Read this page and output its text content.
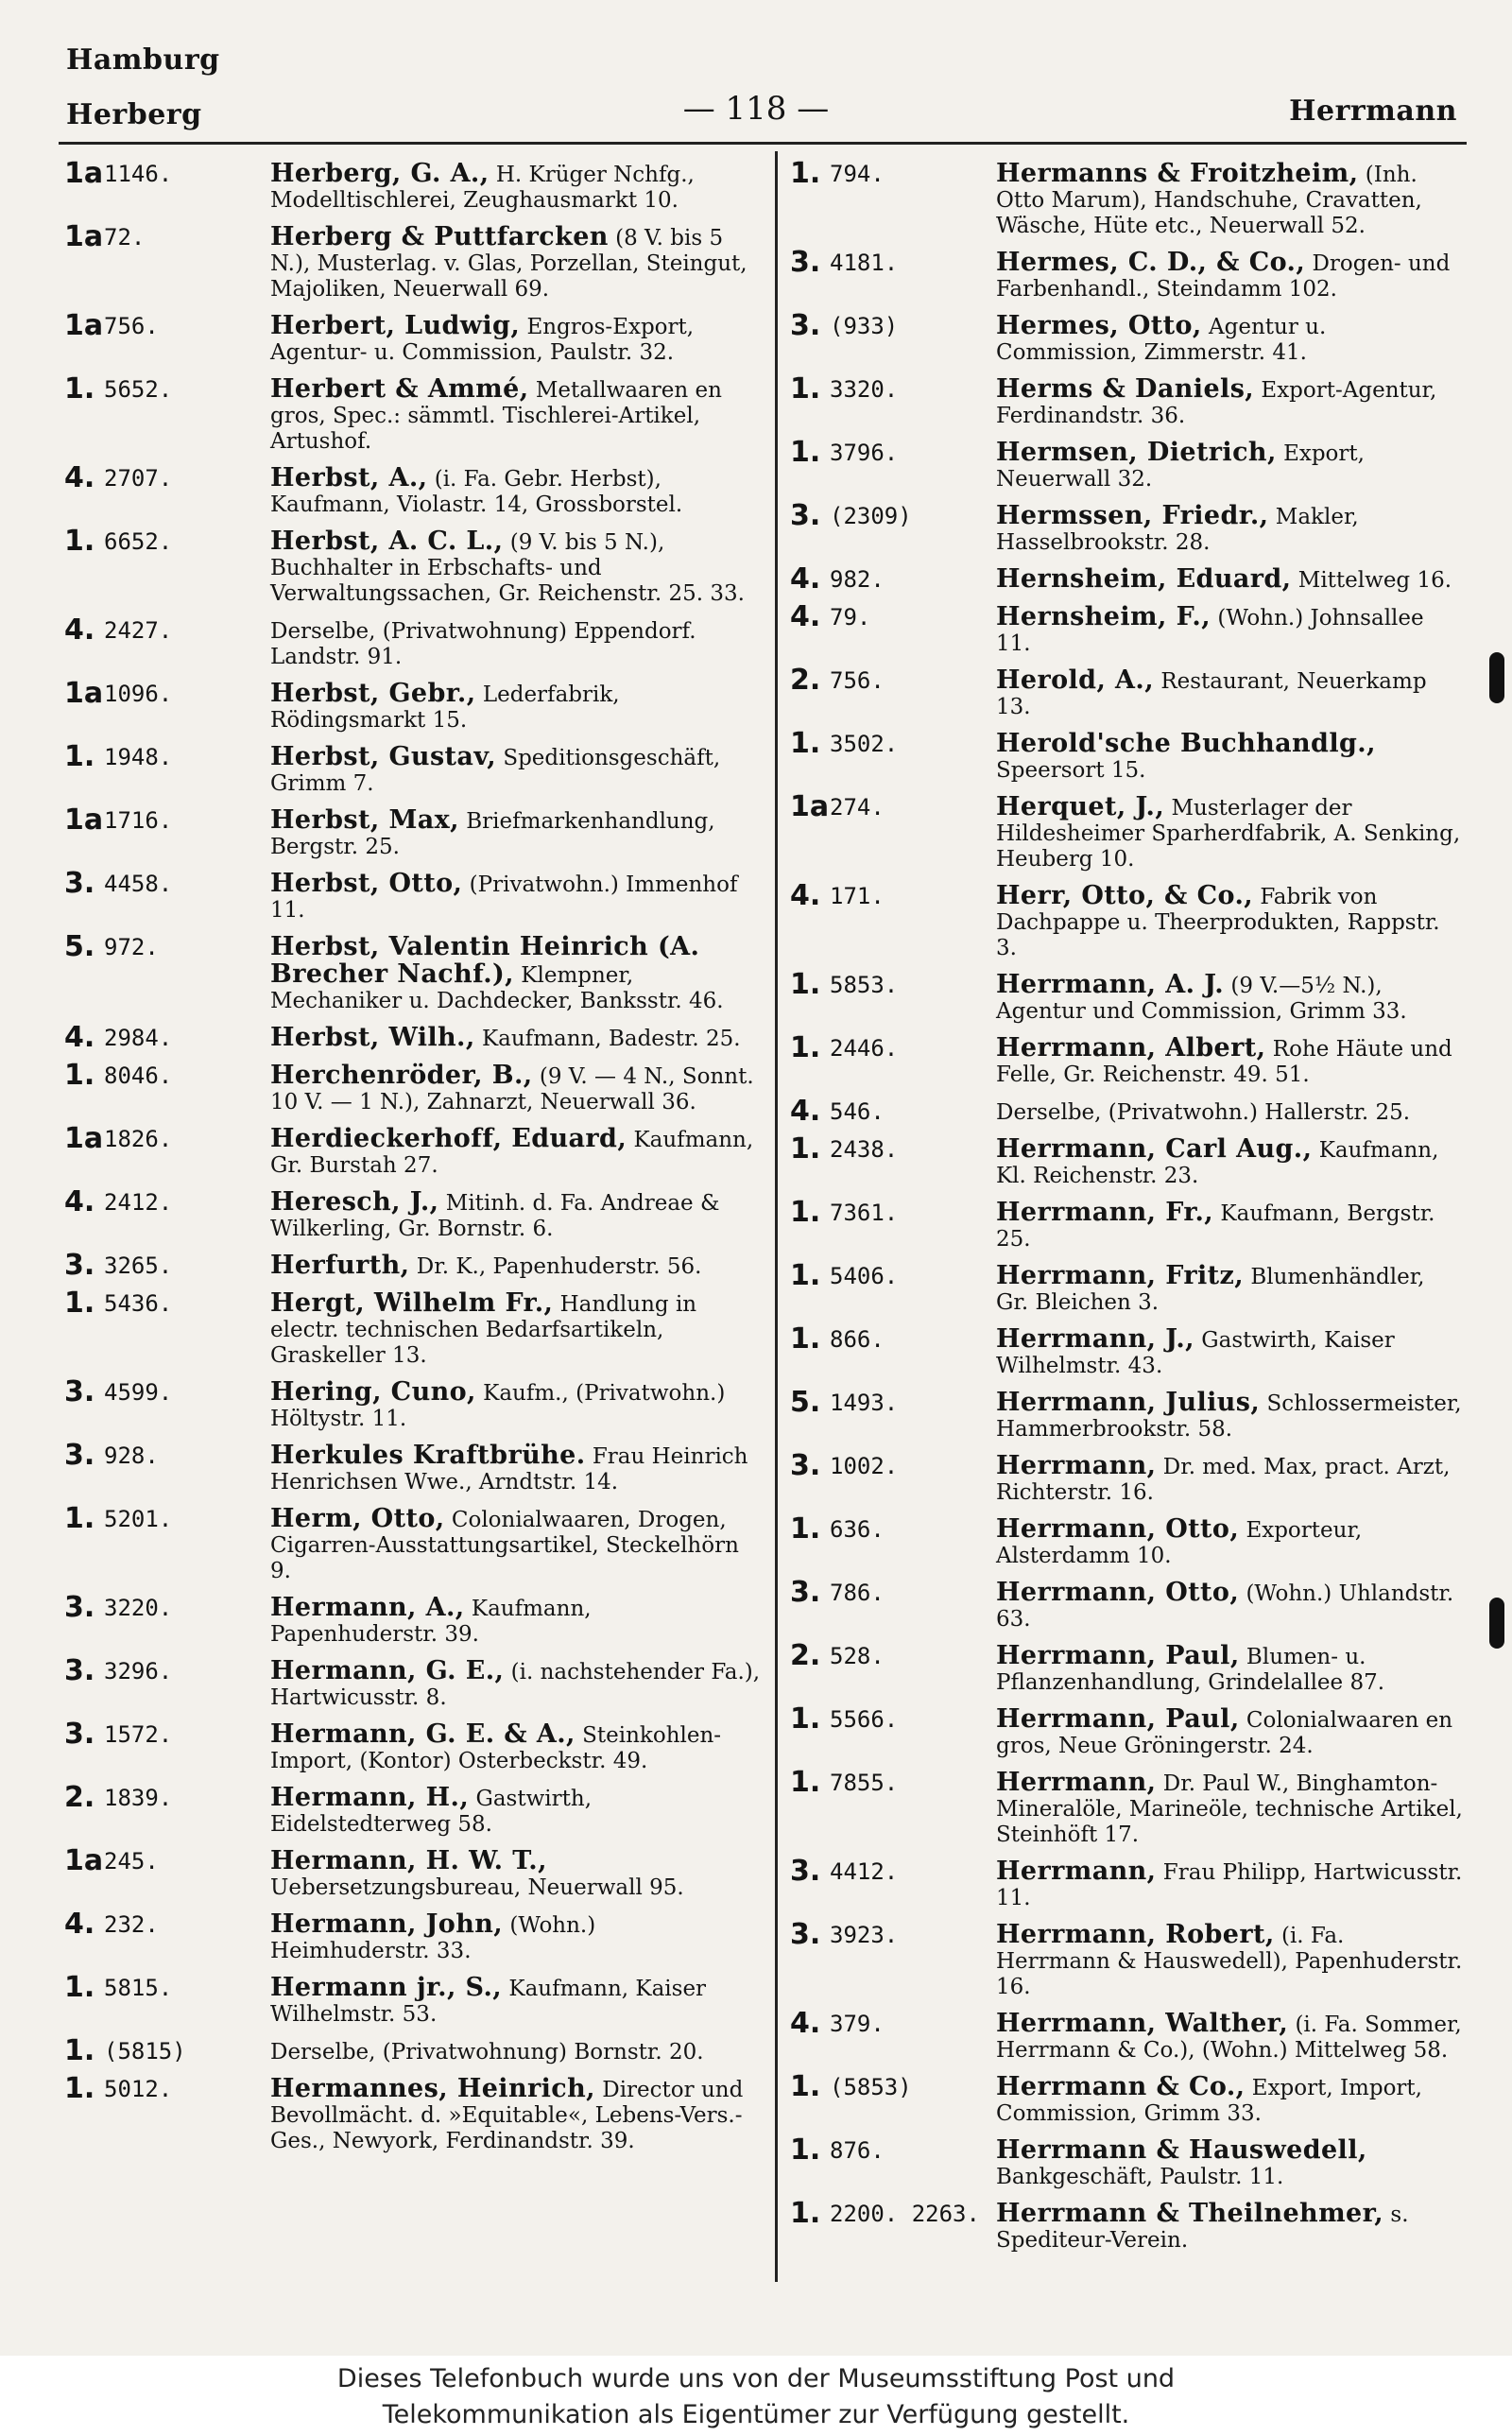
Hamburg
Herberg	— 118 —	Herrmann
1a 1146.	Herberg, G. A., H. Krüger Nchfg., Modelltischlerei, Zeughausmarkt 10.
1a 72.	Herberg & Puttfarcken (8 V. bis 5 N.), Musterlag. v. Glas, Porzellan, Steingut, Majoliken, Neuerwall 69.
1a 756.	Herbert, Ludwig, Engros-Export, Agentur- u. Commission, Paulstr. 32.
1. 5652.	Herbert & Ammé, Metallwaaren en gros, Spec.: sämmtl. Tischlerei-Artikel, Artushof.
4. 2707.	Herbst, A., (i. Fa. Gebr. Herbst), Kaufmann, Violastr. 14, Grossborstel.
1. 6652.	Herbst, A. C. L., (9 V. bis 5 N.), Buchhalter in Erbschafts- und Verwaltungssachen, Gr. Reichenstr. 25. 33.
4. 2427.	Derselbe, (Privatwohnung) Eppendorf. Landstr. 91.
1a 1096.	Herbst, Gebr., Lederfabrik, Rödingsmarkt 15.
1. 1948.	Herbst, Gustav, Speditionsgeschäft, Grimm 7.
1a 1716.	Herbst, Max, Briefmarkenhandlung, Bergstr. 25.
3. 4458.	Herbst, Otto, (Privatwohn.) Immenhof 11.
5. 972.	Herbst, Valentin Heinrich (A. Brecher Nachf.), Klempner, Mechaniker u. Dachdecker, Banksstr. 46.
4. 2984.	Herbst, Wilh., Kaufmann, Badestr. 25.
1. 8046.	Herchenröder, B., (9 V. — 4 N., Sonnt. 10 V. — 1 N.), Zahnarzt, Neuerwall 36.
1a 1826.	Herdieckerhoff, Eduard, Kaufmann, Gr. Burstah 27.
4. 2412.	Heresch, J., Mitinh. d. Fa. Andreae & Wilkerling, Gr. Bornstr. 6.
3. 3265.	Herfurth, Dr. K., Papenhuderstr. 56.
1. 5436.	Hergt, Wilhelm Fr., Handlung in electr. technischen Bedarfsartikeln, Graskeller 13.
3. 4599.	Hering, Cuno, Kaufm., (Privatwohn.) Höltystr. 11.
3. 928.	Herkules Kraftbrühe. Frau Heinrich Henrichsen Wwe., Arndtstr. 14.
1. 5201.	Herm, Otto, Colonialwaaren, Drogen, Cigarren-Ausstattungsartikel, Steckelhörn 9.
3. 3220.	Hermann, A., Kaufmann, Papenhuderstr. 39.
3. 3296.	Hermann, G. E., (i. nachstehender Fa.), Hartwicusstr. 8.
3. 1572.	Hermann, G. E. & A., Steinkohlen-Import, (Kontor) Osterbeckstr. 49.
2. 1839.	Hermann, H., Gastwirth, Eidelstedterweg 58.
1a 245.	Hermann, H. W. T., Uebersetzungsbureau, Neuerwall 95.
4. 232.	Hermann, John, (Wohn.) Heimhuderstr. 33.
1. 5815.	Hermann jr., S., Kaufmann, Kaiser Wilhelmstr. 53.
1. (5815)	Derselbe, (Privatwohnung) Bornstr. 20.
1. 5012.	Hermannes, Heinrich, Director und Bevollmächt. d. »Equitable«, Lebens-Vers.-Ges., Newyork, Ferdinandstr. 39.
1. 794.	Hermanns & Froitzheim, (Inh. Otto Marum), Handschuhe, Cravatten, Wäsche, Hüte etc., Neuerwall 52.
3. 4181.	Hermes, C. D., & Co., Drogen- und Farbenhandl., Steindamm 102.
3. (933)	Hermes, Otto, Agentur u. Commission, Zimmerstr. 41.
1. 3320.	Herms & Daniels, Export-Agentur, Ferdinandstr. 36.
1. 3796.	Hermsen, Dietrich, Export, Neuerwall 32.
3. (2309)	Hermssen, Friedr., Makler, Hasselbrookstr. 28.
4. 982.	Hernsheim, Eduard, Mittelweg 16.
4. 79.	Hernsheim, F., (Wohn.) Johnsallee 11.
2. 756.	Herold, A., Restaurant, Neuerkamp 13.
1. 3502.	Herold'sche Buchhandlg., Speersort 15.
1a 274.	Herquet, J., Musterlager der Hildesheimer Sparherdfabrik, A. Senking, Heuberg 10.
4. 171.	Herr, Otto, & Co., Fabrik von Dachpappe u. Theerprodukten, Rappstr. 3.
1. 5853.	Herrmann, A. J. (9 V.—5½ N.), Agentur und Commission, Grimm 33.
1. 2446.	Herrmann, Albert, Rohe Häute und Felle, Gr. Reichenstr. 49. 51.
4. 546.	Derselbe, (Privatwohn.) Hallerstr. 25.
1. 2438.	Herrmann, Carl Aug., Kaufmann, Kl. Reichenstr. 23.
1. 7361.	Herrmann, Fr., Kaufmann, Bergstr. 25.
1. 5406.	Herrmann, Fritz, Blumenhändler, Gr. Bleichen 3.
1. 866.	Herrmann, J., Gastwirth, Kaiser Wilhelmstr. 43.
5. 1493.	Herrmann, Julius, Schlossermeister, Hammerbrookstr. 58.
3. 1002.	Herrmann, Dr. med. Max, pract. Arzt, Richterstr. 16.
1. 636.	Herrmann, Otto, Exporteur, Alsterdamm 10.
3. 786.	Herrmann, Otto, (Wohn.) Uhlandstr. 63.
2. 528.	Herrmann, Paul, Blumen- u. Pflanzenhandlung, Grindelallee 87.
1. 5566.	Herrmann, Paul, Colonialwaaren en gros, Neue Gröningerstr. 24.
1. 7855.	Herrmann, Dr. Paul W., Binghamton-Mineralöle, Marineöle, technische Artikel, Steinhöft 17.
3. 4412.	Herrmann, Frau Philipp, Hartwicusstr. 11.
3. 3923.	Herrmann, Robert, (i. Fa. Herrmann & Hauswedell), Papenhuderstr. 16.
4. 379.	Herrmann, Walther, (i. Fa. Sommer, Herrmann & Co.), (Wohn.) Mittelweg 58.
1. (5853)	Herrmann & Co., Export, Import, Commission, Grimm 33.
1. 876.	Herrmann & Hauswedell, Bankgeschäft, Paulstr. 11.
1. 2200. 2263. Herrmann & Theilnehmer, s. Spediteur-Verein.
Dieses Telefonbuch wurde uns von der Museumsstiftung Post und
Telekommunikation als Eigentümer zur Verfügung gestellt.
